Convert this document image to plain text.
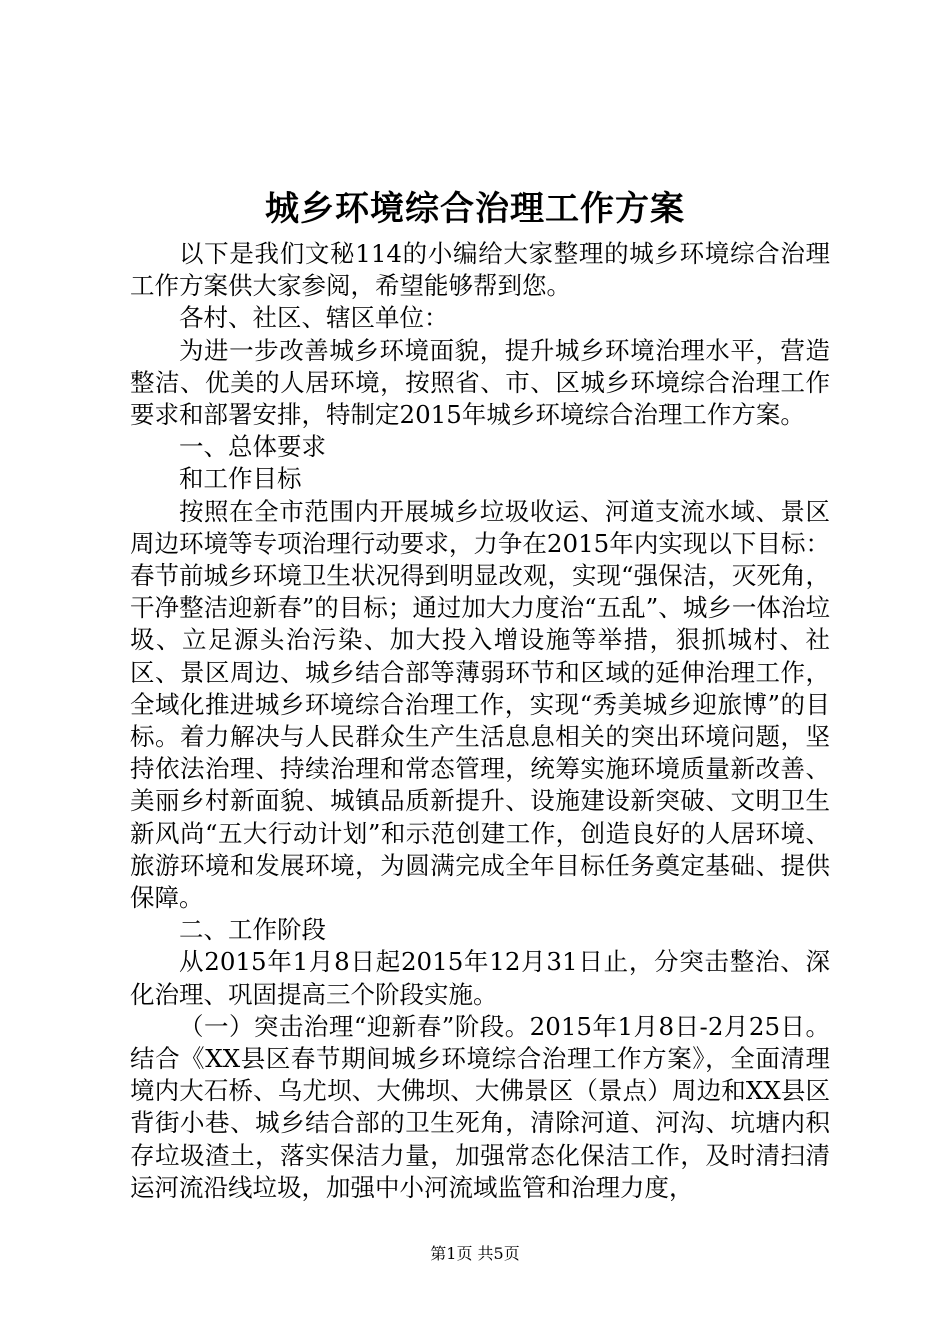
城乡环境综合治理工作方案

以下是我们文秘114的小编给大家整理的城乡环境综合治理工作方案供大家参阅，希望能够帮到您。

各村、社区、辖区单位：

为进一步改善城乡环境面貌，提升城乡环境治理水平，营造整洁、优美的人居环境，按照省、市、区城乡环境综合治理工作要求和部署安排，特制定2015年城乡环境综合治理工作方案。

一、总体要求

和工作目标

按照在全市范围内开展城乡垃圾收运、河道支流水域、景区周边环境等专项治理行动要求，力争在2015年内实现以下目标：春节前城乡环境卫生状况得到明显改观，实现“强保洁，灭死角，干净整洁迎新春”的目标；通过加大力度治“五乱”、城乡一体治垃圾、立足源头治污染、加大投入增设施等举措，狠抓城村、社区、景区周边、城乡结合部等薄弱环节和区域的延伸治理工作，全域化推进城乡环境综合治理工作，实现“秀美城乡迎旅博”的目标。着力解决与人民群众生产生活息息相关的突出环境问题，坚持依法治理、持续治理和常态管理，统筹实施环境质量新改善、美丽乡村新面貌、城镇品质新提升、设施建设新突破、文明卫生新风尚“五大行动计划”和示范创建工作，创造良好的人居环境、旅游环境和发展环境，为圆满完成全年目标任务奠定基础、提供保障。

二、工作阶段

从2015年1月8日起2015年12月31日止，分突击整治、深化治理、巩固提高三个阶段实施。

（一）突击治理“迎新春”阶段。2015年1月8日-2月25日。结合《XX县区春节期间城乡环境综合治理工作方案》，全面清理境内大石桥、乌尤坝、大佛坝、大佛景区（景点）周边和XX县区背街小巷、城乡结合部的卫生死角，清除河道、河沟、坑塘内积存垃圾渣土，落实保洁力量，加强常态化保洁工作，及时清扫清运河流沿线垃圾，加强中小河流域监管和治理力度，

第1页 共5页
